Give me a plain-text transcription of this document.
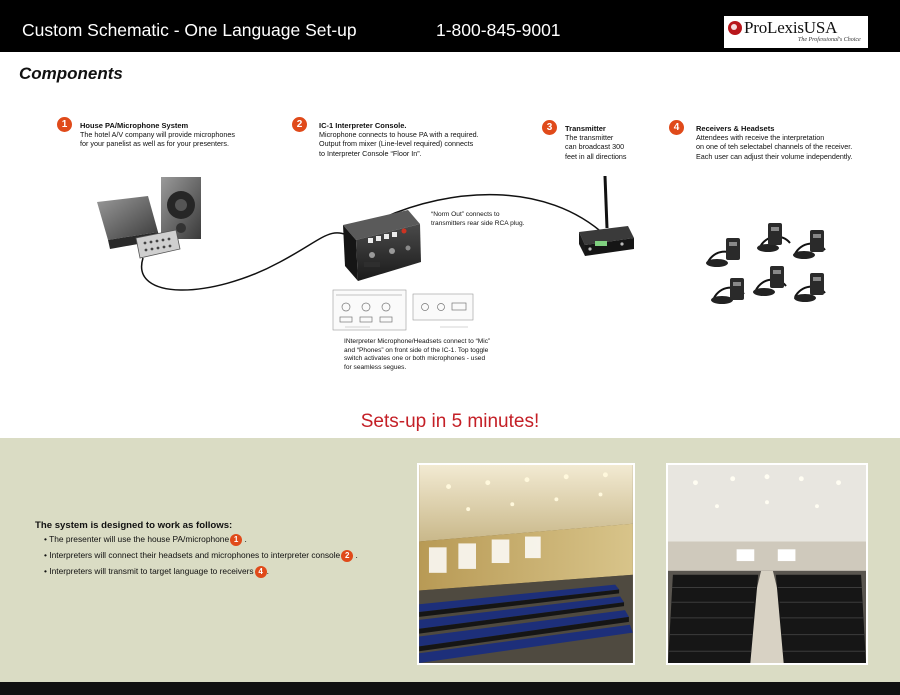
Custom Schematic - One Language Set-up	1-800-845-9001	ProLexisUSA
The Professional's Choice
Components
1	House PA/Microphone System
The hotel A/V company will provide microphones
for your panelist as well as for your presenters.
2	IC-1 Interpreter Console.
Microphone connects to house PA with a required.
Output from mixer (Line-level required) connects
to Interpreter Console “Floor In”.
3	Transmitter
The transmitter
can broadcast 300
feet in all directions
4	Receivers & Headsets
Attendees with receive the interpretation
on one of teh selectabel channels of the receiver.
Each user can adjust their volume independently.
“Norm Out” connects to
transmitters rear side RCA plug.
INterpreter Microphone/Headsets connect to “Mic”
and “Phones” on front side of the IC-1. Top toggle
switch activates one or both microphones - used
for seamless segues.
Sets-up in 5 minutes!
The system is designed to work as follows:
• The presenter will use the house PA/microphone 1 .
• Interpreters will connect their headsets and microphones to interpreter console 2 .
• Interpreters will transmit to target language to receivers 4 .
